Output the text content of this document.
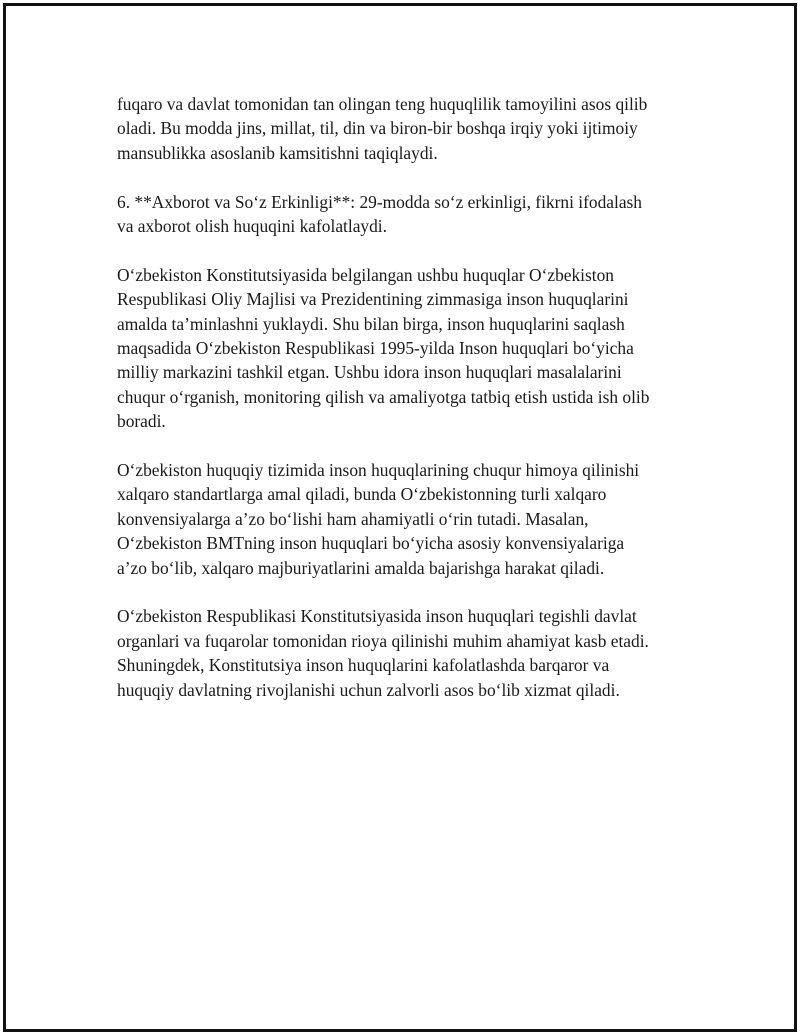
fuqaro va davlat tomonidan tan olingan teng huquqlilik tamoyilini asos qilib
oladi. Bu modda jins, millat, til, din va biron-bir boshqa irqiy yoki ijtimoiy
mansublikka asoslanib kamsitishni taqiqlaydi.

6. **Axborot va So‘z Erkinligi**: 29-modda so‘z erkinligi, fikrni ifodalash
va axborot olish huquqini kafolatlaydi.

O‘zbekiston Konstitutsiyasida belgilangan ushbu huquqlar O‘zbekiston
Respublikasi Oliy Majlisi va Prezidentining zimmasiga inson huquqlarini
amalda ta’minlashni yuklaydi. Shu bilan birga, inson huquqlarini saqlash
maqsadida O‘zbekiston Respublikasi 1995-yilda Inson huquqlari bo‘yicha
milliy markazini tashkil etgan. Ushbu idora inson huquqlari masalalarini
chuqur o‘rganish, monitoring qilish va amaliyotga tatbiq etish ustida ish olib
boradi.

O‘zbekiston huquqiy tizimida inson huquqlarining chuqur himoya qilinishi
xalqaro standartlarga amal qiladi, bunda O‘zbekistonning turli xalqaro
konvensiyalarga a’zo bo‘lishi ham ahamiyatli o‘rin tutadi. Masalan,
O‘zbekiston BMTning inson huquqlari bo‘yicha asosiy konvensiyalariga
a’zo bo‘lib, xalqaro majburiyatlarini amalda bajarishga harakat qiladi.

O‘zbekiston Respublikasi Konstitutsiyasida inson huquqlari tegishli davlat
organlari va fuqarolar tomonidan rioya qilinishi muhim ahamiyat kasb etadi.
Shuningdek, Konstitutsiya inson huquqlarini kafolatlashda barqaror va
huquqiy davlatning rivojlanishi uchun zalvorli asos bo‘lib xizmat qiladi.
